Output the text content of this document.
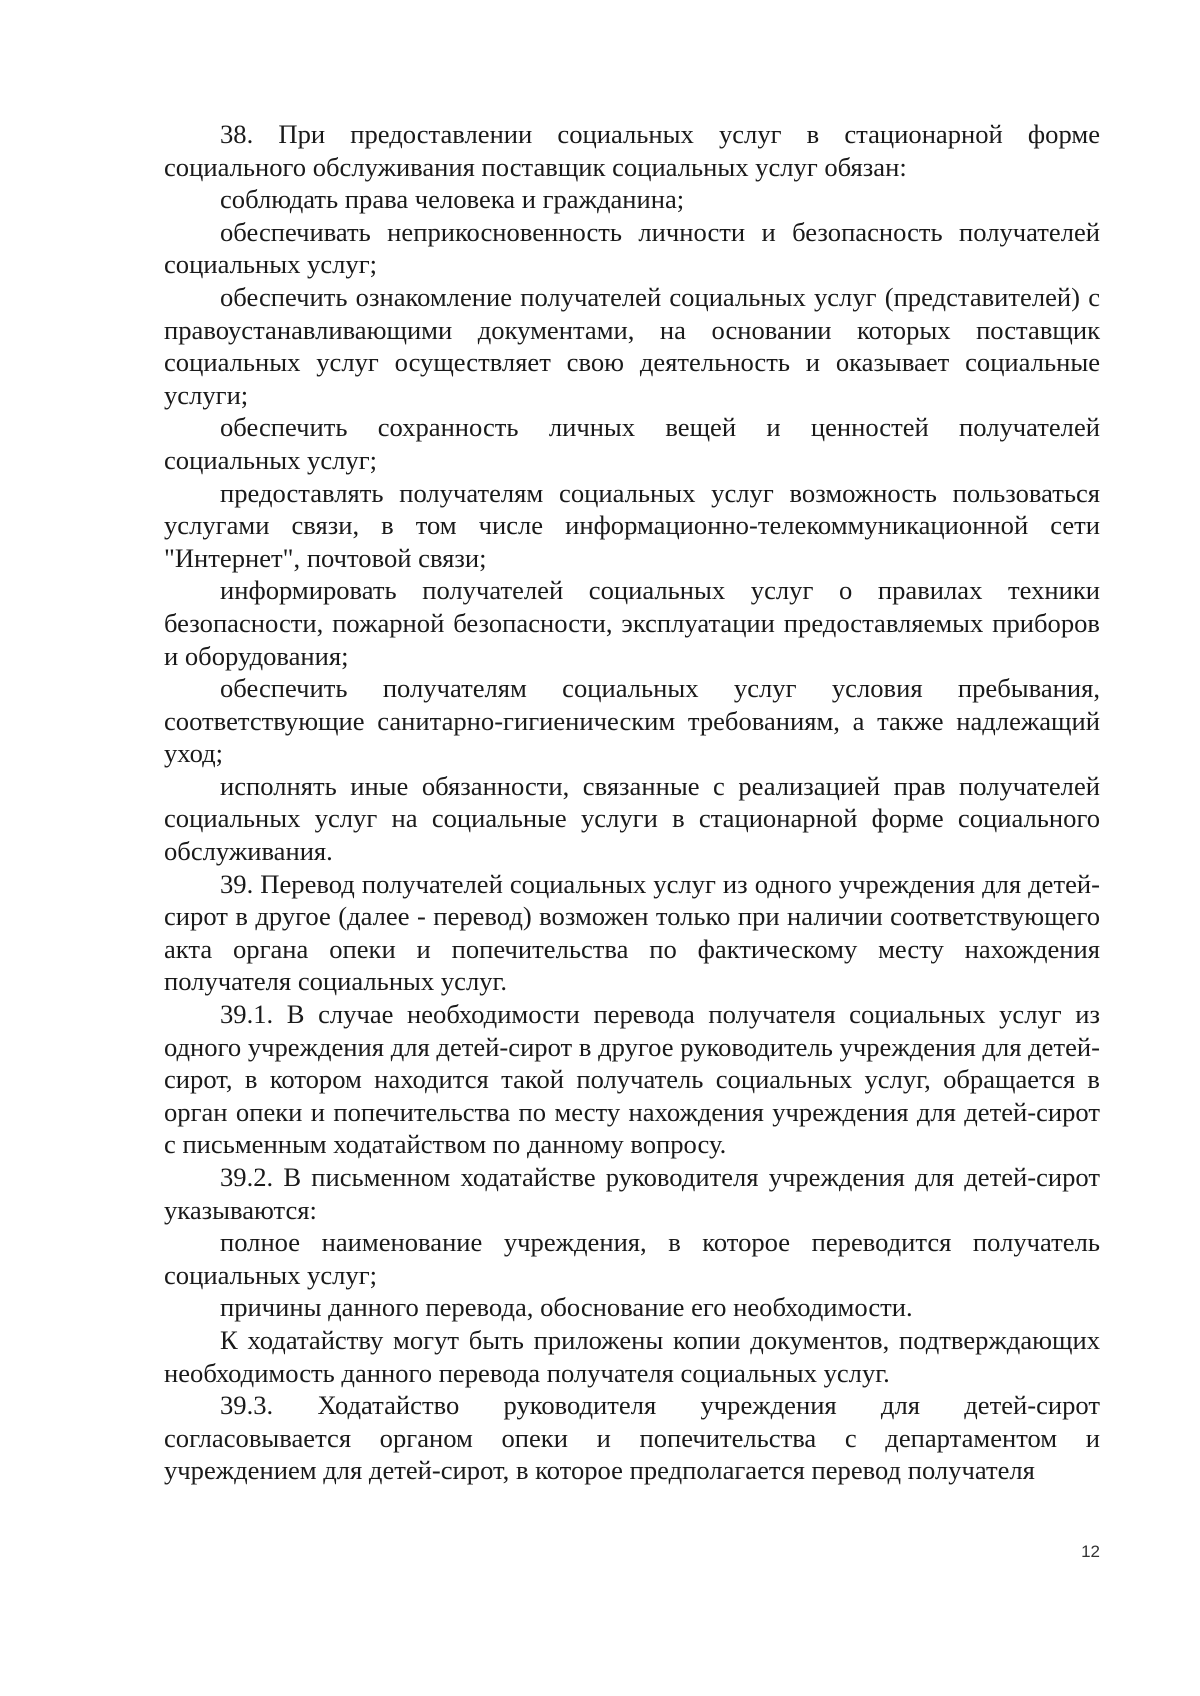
38. При предоставлении социальных услуг в стационарной форме социального обслуживания поставщик социальных услуг обязан:

соблюдать права человека и гражданина;

обеспечивать неприкосновенность личности и безопасность получателей социальных услуг;

обеспечить ознакомление получателей социальных услуг (представителей) с правоустанавливающими документами, на основании которых поставщик социальных услуг осуществляет свою деятельность и оказывает социальные услуги;

обеспечить сохранность личных вещей и ценностей получателей социальных услуг;

предоставлять получателям социальных услуг возможность пользоваться услугами связи, в том числе информационно-телекоммуникационной сети "Интернет", почтовой связи;

информировать получателей социальных услуг о правилах техники безопасности, пожарной безопасности, эксплуатации предоставляемых приборов и оборудования;

обеспечить получателям социальных услуг условия пребывания, соответствующие санитарно-гигиеническим требованиям, а также надлежащий уход;

исполнять иные обязанности, связанные с реализацией прав получателей социальных услуг на социальные услуги в стационарной форме социального обслуживания.

39. Перевод получателей социальных услуг из одного учреждения для детей-сирот в другое (далее - перевод) возможен только при наличии соответствующего акта органа опеки и попечительства по фактическому месту нахождения получателя социальных услуг.

39.1. В случае необходимости перевода получателя социальных услуг из одного учреждения для детей-сирот в другое руководитель учреждения для детей-сирот, в котором находится такой получатель социальных услуг, обращается в орган опеки и попечительства по месту нахождения учреждения для детей-сирот с письменным ходатайством по данному вопросу.

39.2. В письменном ходатайстве руководителя учреждения для детей-сирот указываются:

полное наименование учреждения, в которое переводится получатель социальных услуг;

причины данного перевода, обоснование его необходимости.

К ходатайству могут быть приложены копии документов, подтверждающих необходимость данного перевода получателя социальных услуг.

39.3. Ходатайство руководителя учреждения для детей-сирот согласовывается органом опеки и попечительства с департаментом и учреждением для детей-сирот, в которое предполагается перевод получателя

12
